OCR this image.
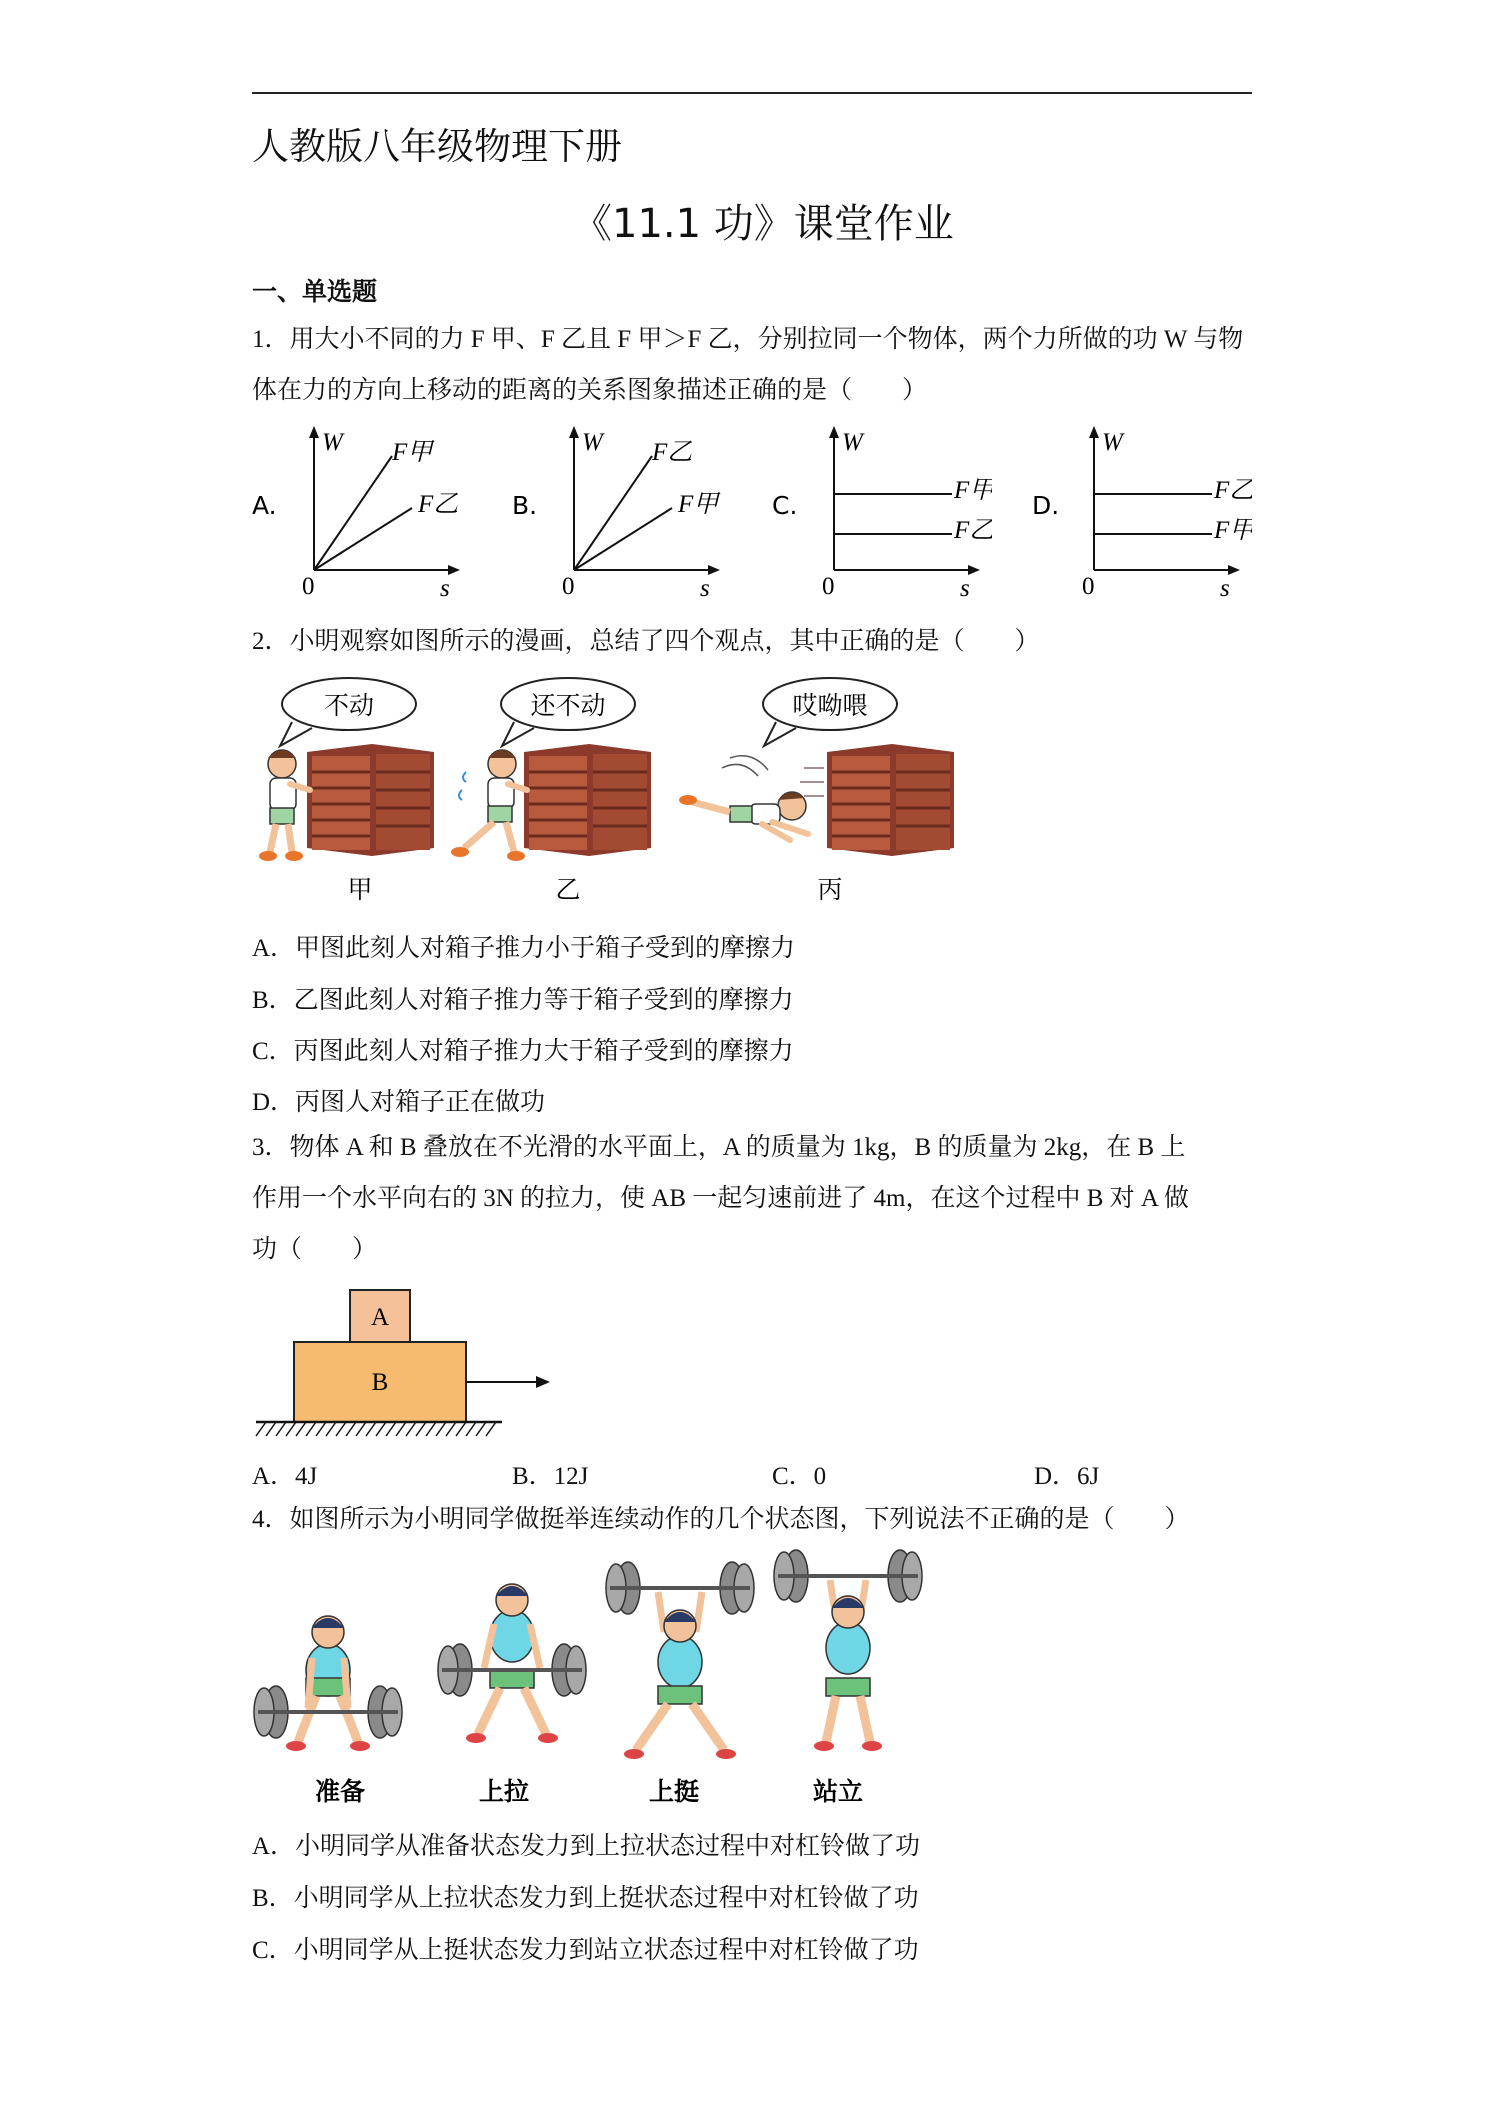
人教版八年级物理下册
《11.1 功》课堂作业
一、单选题
1．用大小不同的力 F 甲、F 乙且 F 甲＞F 乙，分别拉同一个物体，两个力所做的功 W 与物
体在力的方向上移动的距离的关系图象描述正确的是（　　）
A.
W
s
0
F甲
F乙 B.
W
s
0
F乙
F甲 C.
W
s
0
F甲
F乙
D.
W
s
0
F乙
F甲
2．小明观察如图所示的漫画，总结了四个观点，其中正确的是（　　）
不动	还不动	哎呦喂
甲	乙	丙
A．甲图此刻人对箱子推力小于箱子受到的摩擦力
B．乙图此刻人对箱子推力等于箱子受到的摩擦力
C．丙图此刻人对箱子推力大于箱子受到的摩擦力
D．丙图人对箱子正在做功
3．物体 A 和 B 叠放在不光滑的水平面上，A 的质量为 1kg，B 的质量为 2kg，在 B 上
作用一个水平向右的 3N 的拉力，使 AB 一起匀速前进了 4m，在这个过程中 B 对 A 做
功（　　）
A
B
A．4J	B．12J	C．0	D．6J
4．如图所示为小明同学做挺举连续动作的几个状态图，下列说法不正确的是（　　）
准备	上拉	上挺	站立
A．小明同学从准备状态发力到上拉状态过程中对杠铃做了功
B．小明同学从上拉状态发力到上挺状态过程中对杠铃做了功
C．小明同学从上挺状态发力到站立状态过程中对杠铃做了功
